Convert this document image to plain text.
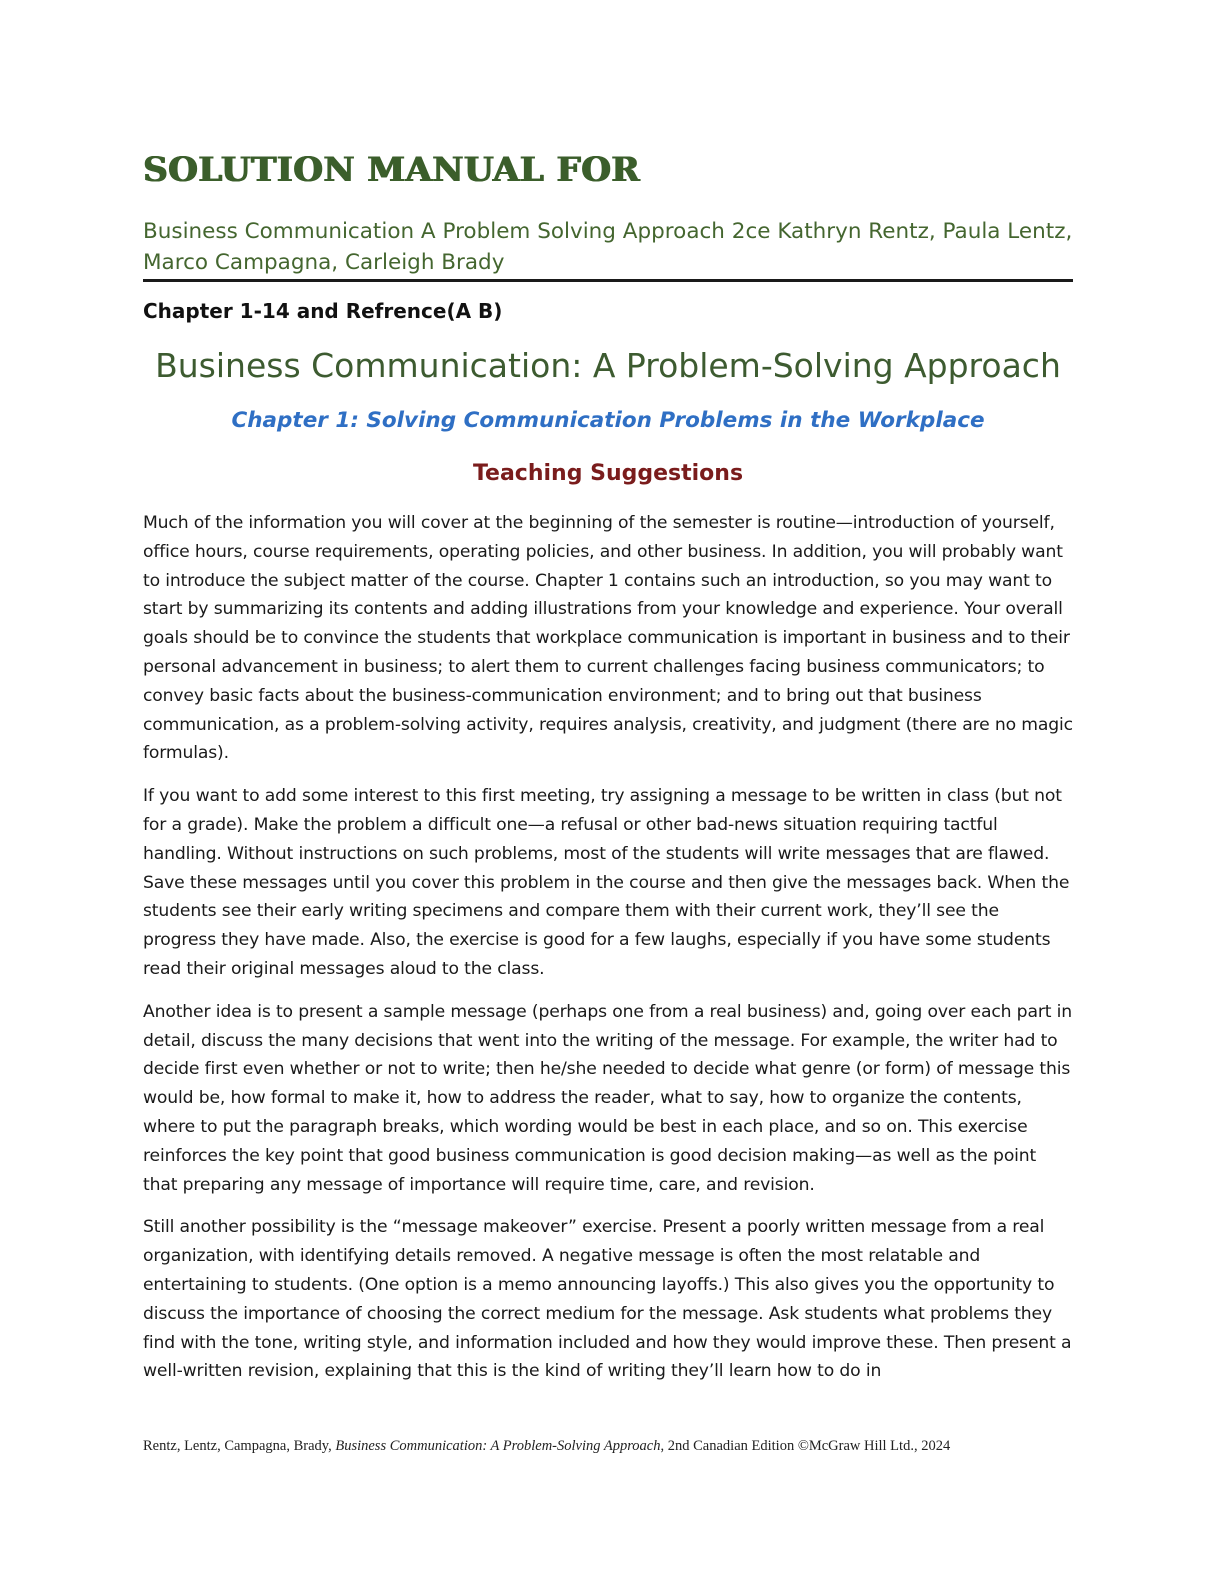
SOLUTION MANUAL FOR

Business Communication A Problem Solving Approach 2ce Kathryn Rentz, Paula Lentz, Marco Campagna, Carleigh Brady

Chapter 1-14 and Refrence(A B)

Business Communication: A Problem-Solving Approach
Chapter 1: Solving Communication Problems in the Workplace
Teaching Suggestions

Much of the information you will cover at the beginning of the semester is routine—introduction of yourself, office hours, course requirements, operating policies, and other business. In addition, you will probably want to introduce the subject matter of the course. Chapter 1 contains such an introduction, so you may want to start by summarizing its contents and adding illustrations from your knowledge and experience. Your overall goals should be to convince the students that workplace communication is important in business and to their personal advancement in business; to alert them to current challenges facing business communicators; to convey basic facts about the business-communication environment; and to bring out that business communication, as a problem-solving activity, requires analysis, creativity, and judgment (there are no magic formulas).

If you want to add some interest to this first meeting, try assigning a message to be written in class (but not for a grade). Make the problem a difficult one—a refusal or other bad-news situation requiring tactful handling. Without instructions on such problems, most of the students will write messages that are flawed. Save these messages until you cover this problem in the course and then give the messages back. When the students see their early writing specimens and compare them with their current work, they’ll see the progress they have made. Also, the exercise is good for a few laughs, especially if you have some students read their original messages aloud to the class.

Another idea is to present a sample message (perhaps one from a real business) and, going over each part in detail, discuss the many decisions that went into the writing of the message. For example, the writer had to decide first even whether or not to write; then he/she needed to decide what genre (or form) of message this would be, how formal to make it, how to address the reader, what to say, how to organize the contents, where to put the paragraph breaks, which wording would be best in each place, and so on. This exercise reinforces the key point that good business communication is good decision making—as well as the point that preparing any message of importance will require time, care, and revision.

Still another possibility is the “message makeover” exercise. Present a poorly written message from a real organization, with identifying details removed. A negative message is often the most relatable and entertaining to students. (One option is a memo announcing layoffs.) This also gives you the opportunity to discuss the importance of choosing the correct medium for the message. Ask students what problems they find with the tone, writing style, and information included and how they would improve these. Then present a well-written revision, explaining that this is the kind of writing they’ll learn how to do in

Rentz, Lentz, Campagna, Brady, Business Communication: A Problem-Solving Approach, 2nd Canadian Edition ©McGraw Hill Ltd., 2024
